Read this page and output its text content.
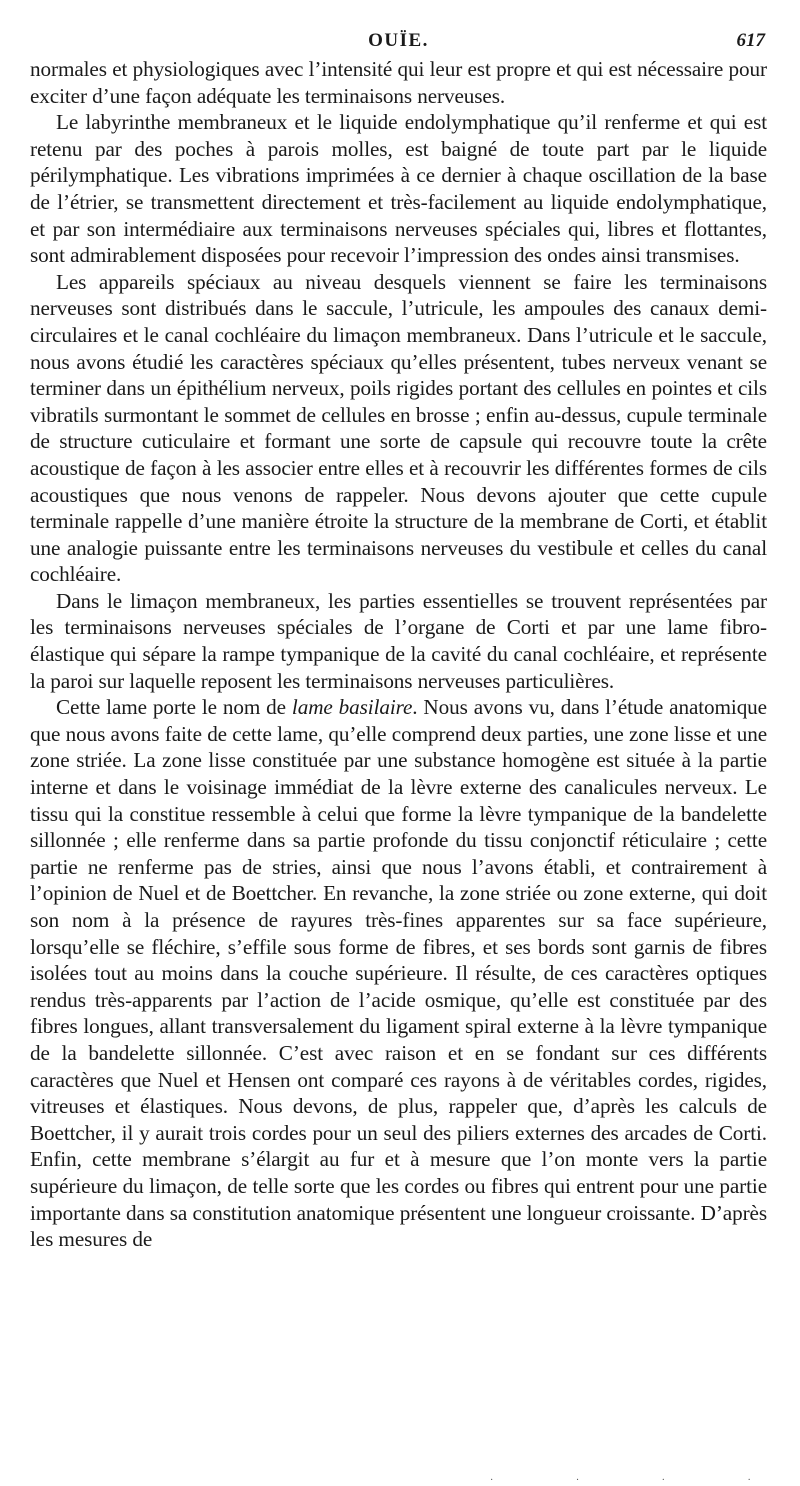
OUÏE.	617

normales et physiologiques avec l’intensité qui leur est propre et qui est nécessaire pour exciter d’une façon adéquate les terminaisons nerveuses.

Le labyrinthe membraneux et le liquide endolymphatique qu’il renferme et qui est retenu par des poches à parois molles, est baigné de toute part par le liquide périlymphatique. Les vibrations imprimées à ce dernier à chaque oscillation de la base de l’étrier, se transmettent directement et très-facilement au liquide endolymphatique, et par son intermédiaire aux terminaisons nerveuses spéciales qui, libres et flottantes, sont admirablement disposées pour recevoir l’impression des ondes ainsi transmises.

Les appareils spéciaux au niveau desquels viennent se faire les terminaisons nerveuses sont distribués dans le saccule, l’utricule, les ampoules des canaux demi-circulaires et le canal cochléaire du limaçon membraneux. Dans l’utricule et le saccule, nous avons étudié les caractères spéciaux qu’elles présentent, tubes nerveux venant se terminer dans un épithélium nerveux, poils rigides portant des cellules en pointes et cils vibratils surmontant le sommet de cellules en brosse ; enfin au-dessus, cupule terminale de structure cuticulaire et formant une sorte de capsule qui recouvre toute la crête acoustique de façon à les associer entre elles et à recouvrir les différentes formes de cils acoustiques que nous venons de rappeler. Nous devons ajouter que cette cupule terminale rappelle d’une manière étroite la structure de la membrane de Corti, et établit une analogie puissante entre les terminaisons nerveuses du vestibule et celles du canal cochléaire.

Dans le limaçon membraneux, les parties essentielles se trouvent représentées par les terminaisons nerveuses spéciales de l’organe de Corti et par une lame fibro-élastique qui sépare la rampe tympanique de la cavité du canal cochléaire, et représente la paroi sur laquelle reposent les terminaisons nerveuses particulières.

Cette lame porte le nom de lame basilaire. Nous avons vu, dans l’étude anatomique que nous avons faite de cette lame, qu’elle comprend deux parties, une zone lisse et une zone striée. La zone lisse constituée par une substance homogène est située à la partie interne et dans le voisinage immédiat de la lèvre externe des canalicules nerveux. Le tissu qui la constitue ressemble à celui que forme la lèvre tympanique de la bandelette sillonnée ; elle renferme dans sa partie profonde du tissu conjonctif réticulaire ; cette partie ne renferme pas de stries, ainsi que nous l’avons établi, et contrairement à l’opinion de Nuel et de Boettcher. En revanche, la zone striée ou zone externe, qui doit son nom à la présence de rayures très-fines apparentes sur sa face supérieure, lorsqu’elle se fléchire, s’effile sous forme de fibres, et ses bords sont garnis de fibres isolées tout au moins dans la couche supérieure. Il résulte, de ces caractères optiques rendus très-apparents par l’action de l’acide osmique, qu’elle est constituée par des fibres longues, allant transversalement du ligament spiral externe à la lèvre tympanique de la bandelette sillonnée. C’est avec raison et en se fondant sur ces différents caractères que Nuel et Hensen ont comparé ces rayons à de véritables cordes, rigides, vitreuses et élastiques. Nous devons, de plus, rappeler que, d’après les calculs de Boettcher, il y aurait trois cordes pour un seul des piliers externes des arcades de Corti. Enfin, cette membrane s’élargit au fur et à mesure que l’on monte vers la partie supérieure du limaçon, de telle sorte que les cordes ou fibres qui entrent pour une partie importante dans sa constitution anatomique présentent une longueur croissante. D’après les mesures de

· · · ·
